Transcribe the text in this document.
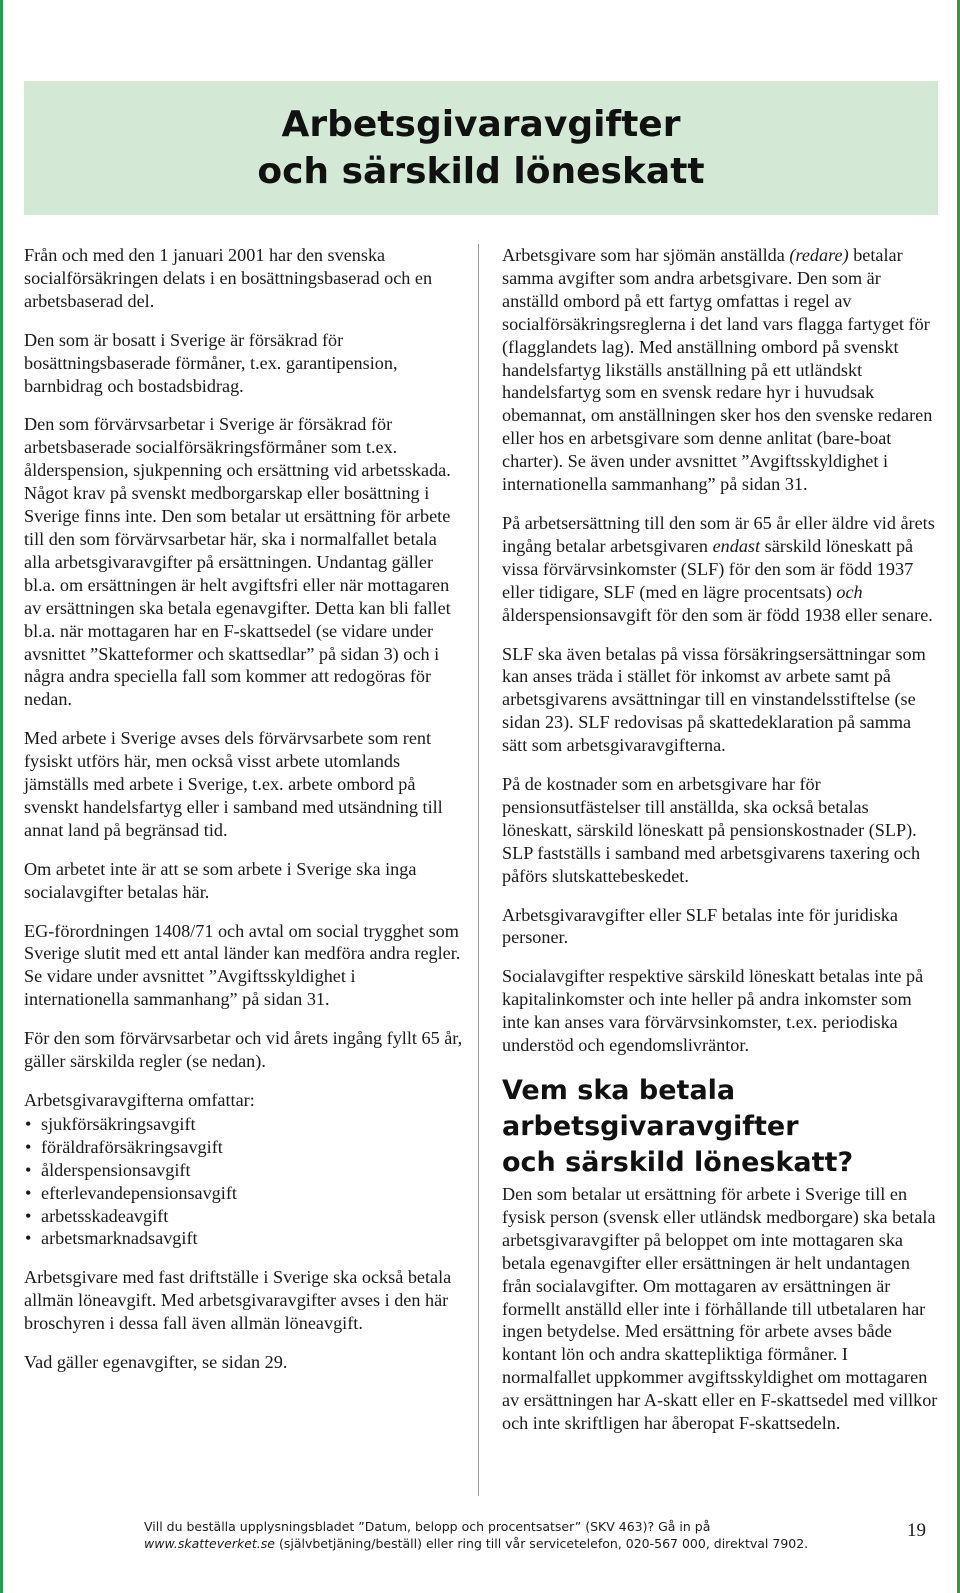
Arbetsgivaravgifter
och särskild löneskatt

Från och med den 1 januari 2001 har den svenska socialförsäkringen delats i en bosättningsbaserad och en arbetsbaserad del.

Den som är bosatt i Sverige är försäkrad för bosättningsbaserade förmåner, t.ex. garantipension, barnbidrag och bostadsbidrag.

Den som förvärvsarbetar i Sverige är försäkrad för arbetsbaserade socialförsäkringsförmåner som t.ex. ålderspension, sjukpenning och ersättning vid arbetsskada. Något krav på svenskt medborgarskap eller bosättning i Sverige finns inte. Den som betalar ut ersättning för arbete till den som förvärvsarbetar här, ska i normalfallet betala alla arbetsgivaravgifter på ersättningen. Undantag gäller bl.a. om ersättningen är helt avgiftsfri eller när mottagaren av ersättningen ska betala egenavgifter. Detta kan bli fallet bl.a. när mottagaren har en F-skattsedel (se vidare under avsnittet ”Skatteformer och skattsedlar” på sidan 3) och i några andra speciella fall som kommer att redogöras för nedan.

Med arbete i Sverige avses dels förvärvsarbete som rent fysiskt utförs här, men också visst arbete utomlands jämställs med arbete i Sverige, t.ex. arbete ombord på svenskt handelsfartyg eller i samband med utsändning till annat land på begränsad tid.

Om arbetet inte är att se som arbete i Sverige ska inga socialavgifter betalas här.

EG-förordningen 1408/71 och avtal om social trygghet som Sverige slutit med ett antal länder kan medföra andra regler. Se vidare under avsnittet ”Avgiftsskyldighet i internationella sammanhang” på sidan 31.

För den som förvärvsarbetar och vid årets ingång fyllt 65 år, gäller särskilda regler (se nedan).

Arbetsgivaravgifterna omfattar:

• sjukförsäkringsavgift
• föräldraförsäkringsavgift
• ålderspensionsavgift
• efterlevandepensionsavgift
• arbetsskadeavgift
• arbetsmarknadsavgift

Arbetsgivare med fast driftställe i Sverige ska också betala allmän löneavgift. Med arbetsgivaravgifter avses i den här broschyren i dessa fall även allmän löneavgift.

Vad gäller egenavgifter, se sidan 29.

Arbetsgivare som har sjömän anställda (redare) betalar samma avgifter som andra arbetsgivare. Den som är anställd ombord på ett fartyg omfattas i regel av socialförsäkringsreglerna i det land vars flagga fartyget för (flagglandets lag). Med anställning ombord på svenskt handelsfartyg likställs anställning på ett utländskt handelsfartyg som en svensk redare hyr i huvudsak obemannat, om anställningen sker hos den svenske redaren eller hos en arbetsgivare som denne anlitat (bare-boat charter). Se även under avsnittet ”Avgiftsskyldighet i internationella sammanhang” på sidan 31.

På arbetsersättning till den som är 65 år eller äldre vid årets ingång betalar arbetsgivaren endast särskild löneskatt på vissa förvärvsinkomster (SLF) för den som är född 1937 eller tidigare, SLF (med en lägre procentsats) och ålderspensionsavgift för den som är född 1938 eller senare.

SLF ska även betalas på vissa försäkringsersättningar som kan anses träda i stället för inkomst av arbete samt på arbetsgivarens avsättningar till en vinstandelsstiftelse (se sidan 23). SLF redovisas på skattedeklaration på samma sätt som arbetsgivaravgifterna.

På de kostnader som en arbetsgivare har för pensionsutfästelser till anställda, ska också betalas löneskatt, särskild löneskatt på pensionskostnader (SLP). SLP fastställs i samband med arbetsgivarens taxering och påförs slutskattebeskedet.

Arbetsgivaravgifter eller SLF betalas inte för juridiska personer.

Socialavgifter respektive särskild löneskatt betalas inte på kapitalinkomster och inte heller på andra inkomster som inte kan anses vara förvärvsinkomster, t.ex. periodiska understöd och egendomslivräntor.

Vem ska betala
arbetsgivaravgifter
och särskild löneskatt?

Den som betalar ut ersättning för arbete i Sverige till en fysisk person (svensk eller utländsk medborgare) ska betala arbetsgivaravgifter på beloppet om inte mottagaren ska betala egenavgifter eller ersättningen är helt undantagen från socialavgifter. Om mottagaren av ersättningen är formellt anställd eller inte i förhållande till utbetalaren har ingen betydelse. Med ersättning för arbete avses både kontant lön och andra skattepliktiga förmåner. I normalfallet uppkommer avgiftsskyldighet om mottagaren av ersättningen har A-skatt eller en F-skattsedel med villkor och inte skriftligen har åberopat F-skattsedeln.

Vill du beställa upplysningsbladet ”Datum, belopp och procentsatser” (SKV 463)? Gå in på
www.skatteverket.se (självbetjäning/beställ) eller ring till vår servicetelefon, 020-567 000, direktval 7902.
19
